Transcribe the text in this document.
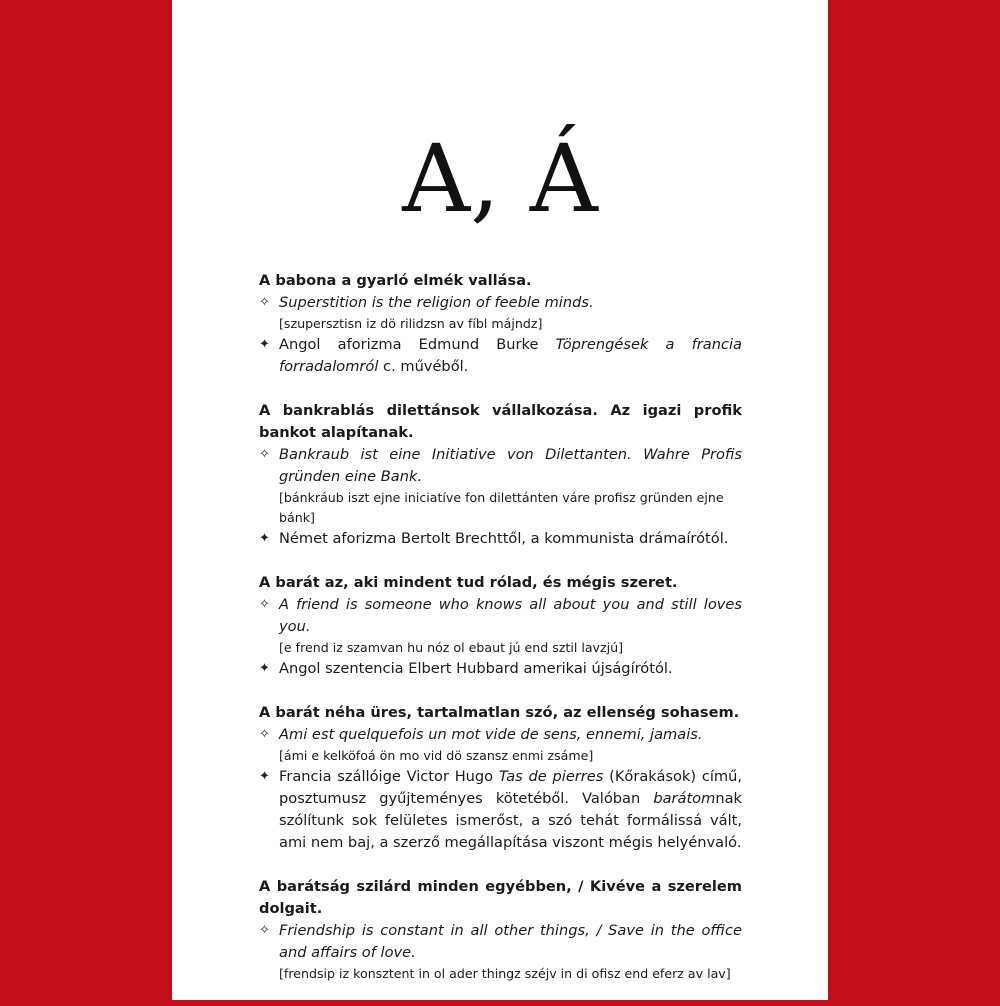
A, Á
A babona a gyarló elmék vallása.
✧ Superstition is the religion of feeble minds.
[szupersztisn iz dö rilidzsn av fíbl májndz]
✦ Angol aforizma Edmund Burke Töprengések a francia forradalomról c. művéből.
A bankrablás dilettánsok vállalkozása. Az igazi profik bankot alapítanak.
✧ Bankraub ist eine Initiative von Dilettanten. Wahre Profis gründen eine Bank.
[bánkráub iszt ejne iniciatíve fon dilettánten váre profisz gründen ejne bánk]
✦ Német aforizma Bertolt Brechttől, a kommunista drámaírótól.
A barát az, aki mindent tud rólad, és mégis szeret.
✧ A friend is someone who knows all about you and still loves you.
[e frend iz szamvan hu nóz ol ebaut jú end sztil lavzjú]
✦ Angol szentencia Elbert Hubbard amerikai újságírótól.
A barát néha üres, tartalmatlan szó, az ellenség sohasem.
✧ Ami est quelquefois un mot vide de sens, ennemi, jamais.
[ámi e kelköfoá ön mo vid dö szansz enmi zsáme]
✦ Francia szállóige Victor Hugo Tas de pierres (Kőrakások) című, posztumusz gyűjteményes kötetéből. Valóban barátomnak szólítunk sok felületes ismerőst, a szó tehát formálissá vált, ami nem baj, a szerző megállapítása viszont mégis helyénvaló.
A barátság szilárd minden egyébben, / Kivéve a szerelem dolgait.
✧ Friendship is constant in all other things, / Save in the office and affairs of love.
[frendsip iz konsztent in ol ader thingz széjv in di ofisz end eferz av lav]
